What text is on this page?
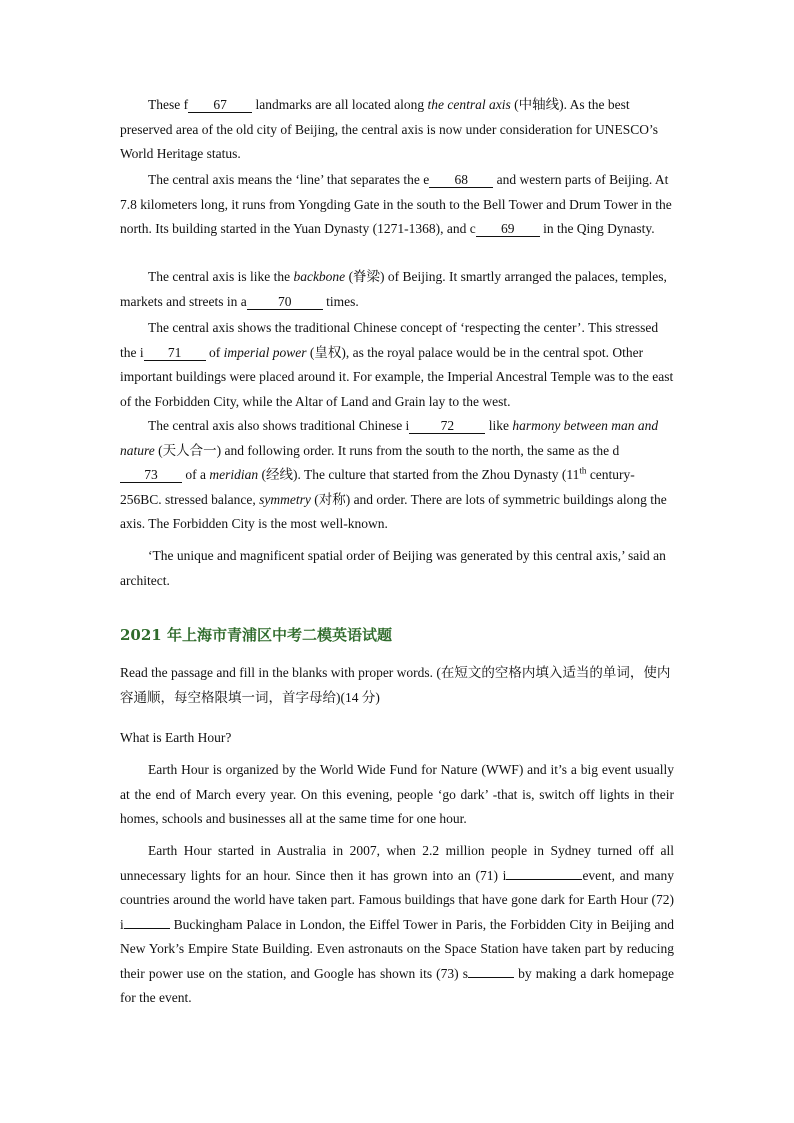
These f 67 landmarks are all located along the central axis (中轴线). As the best preserved area of the old city of Beijing, the central axis is now under consideration for UNESCO’s World Heritage status.

The central axis means the ‘line’ that separates the e 68 and western parts of Beijing. At 7.8 kilometers long, it runs from Yongding Gate in the south to the Bell Tower and Drum Tower in the north. Its building started in the Yuan Dynasty (1271-1368), and c 69 in the Qing Dynasty.

The central axis is like the backbone (脊梁) of Beijing. It smartly arranged the palaces, temples, markets and streets in a 70 times.

The central axis shows the traditional Chinese concept of ‘respecting the center’. This stressed the i 71 of imperial power (皇权), as the royal palace would be in the central spot. Other important buildings were placed around it. For example, the Imperial Ancestral Temple was to the east of the Forbidden City, while the Altar of Land and Grain lay to the west.

The central axis also shows traditional Chinese i 72 like harmony between man and nature (天人合一) and following order. It runs from the south to the north, the same as the d73 of a meridian (经线). The culture that started from the Zhou Dynasty (11th century-256BC. stressed balance, symmetry (对称) and order. There are lots of symmetric buildings along the axis. The Forbidden City is the most well-known.

‘The unique and magnificent spatial order of Beijing was generated by this central axis,’ said an architect.

2021 年上海市青浦区中考二模英语试题

Read the passage and fill in the blanks with proper words. (在短文的空格内填入适当的单词，使内容通顺，每空格限填一词，首字母给)(14 分)

What is Earth Hour?

Earth Hour is organized by the World Wide Fund for Nature (WWF) and it’s a big event usually at the end of March every year. On this evening, people ‘go dark’ -that is, switch off lights in their homes, schools and businesses all at the same time for one hour.

Earth Hour started in Australia in 2007, when 2.2 million people in Sydney turned off all unnecessary lights for an hour. Since then it has grown into an (71) i	event, and many countries around the world have taken part. Famous buildings that have gone dark for Earth Hour (72) i	Buckingham Palace in London, the Eiffel Tower in Paris, the Forbidden City in Beijing and New York’s Empire State Building. Even astronauts on the Space Station have taken part by reducing their power use on the station, and Google has shown its (73) s	by making a dark homepage for the event.
